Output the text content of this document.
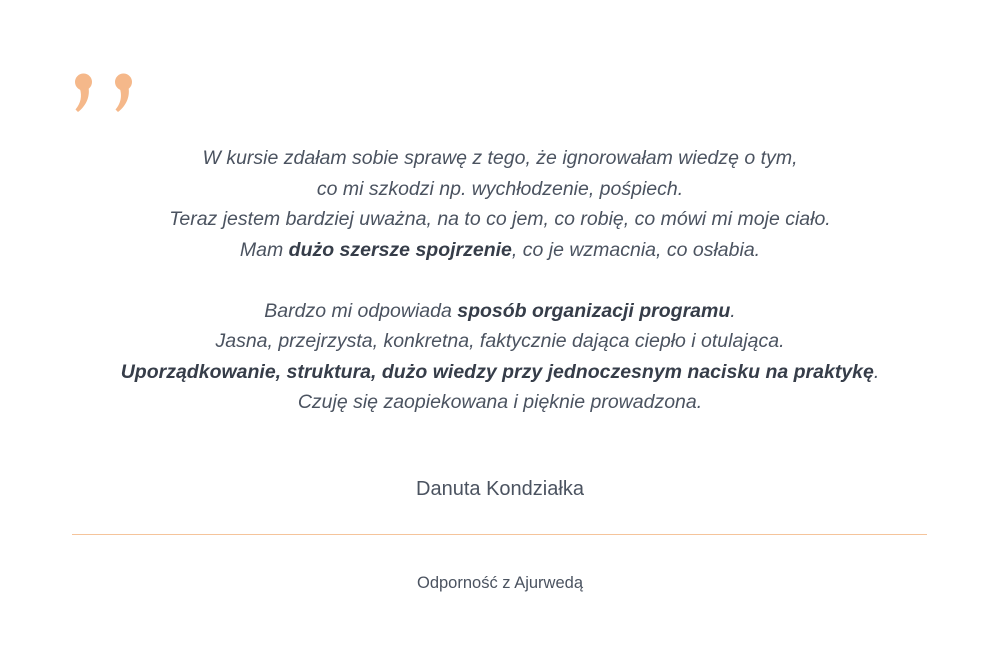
W kursie zdałam sobie sprawę z tego, że ignorowałam wiedzę o tym,
co mi szkodzi np. wychłodzenie, pośpiech.
Teraz jestem bardziej uważna, na to co jem, co robię, co mówi mi moje ciało.
Mam dużo szersze spojrzenie, co je wzmacnia, co osłabia.

Bardzo mi odpowiada sposób organizacji programu.
Jasna, przejrzysta, konkretna, faktycznie dająca ciepło i otulająca.
Uporządkowanie, struktura, dużo wiedzy przy jednoczesnym nacisku na praktykę.
Czuję się zaopiekowana i pięknie prowadzona.

Danuta Kondziałka
Odporność z Ajurwedą
